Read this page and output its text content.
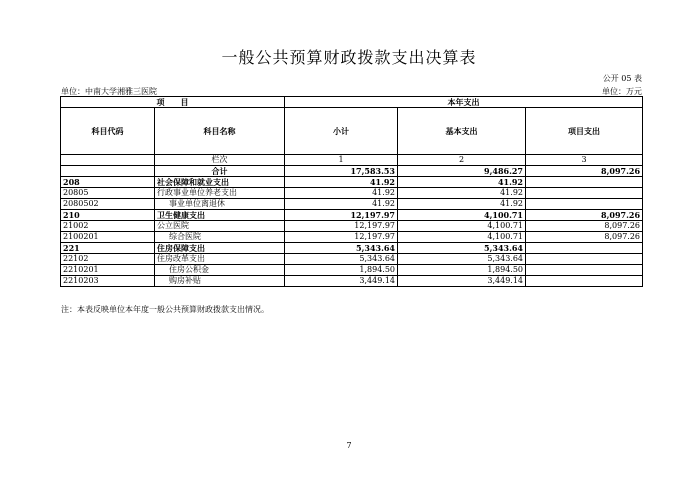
一般公共预算财政拨款支出决算表
公开 05 表
单位：中南大学湘雅三医院	单位：万元
项　　目		本年支出		
科目代码	科目名称	小计	基本支出	项目支出
	栏次	1	2	3
	合计	17,583.53	9,486.27	8,097.26
208	社会保障和就业支出	41.92	41.92	
20805	行政事业单位养老支出	41.92	41.92	
2080502	事业单位离退休	41.92	41.92	
210	卫生健康支出	12,197.97	4,100.71	8,097.26
21002	公立医院	12,197.97	4,100.71	8,097.26
2100201	综合医院	12,197.97	4,100.71	8,097.26
221	住房保障支出	5,343.64	5,343.64	
22102	住房改革支出	5,343.64	5,343.64	
2210201	住房公积金	1,894.50	1,894.50	
2210203	购房补贴	3,449.14	3,449.14	
注：本表反映单位本年度一般公共预算财政拨款支出情况。
7
